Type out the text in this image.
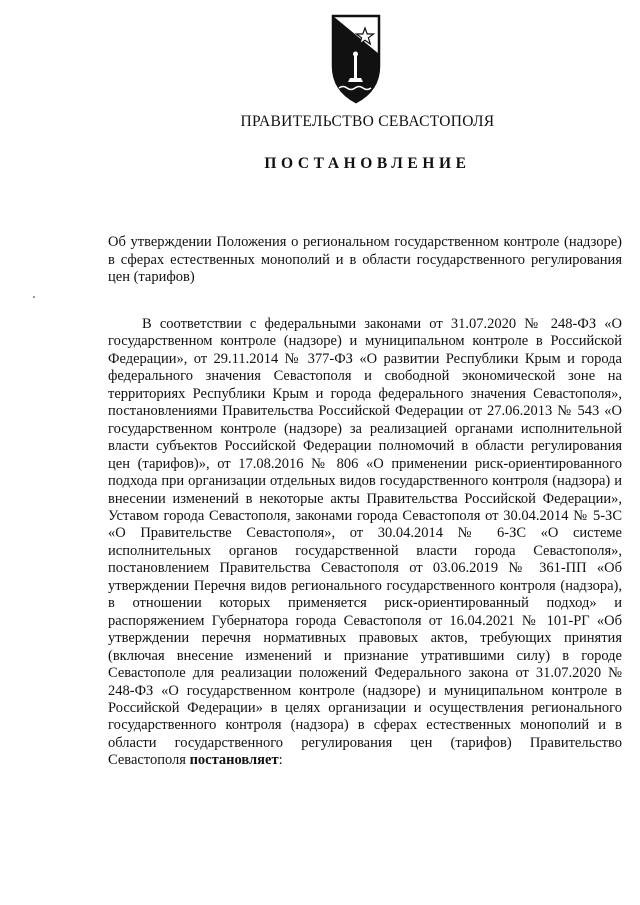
ПРАВИТЕЛЬСТВО СЕВАСТОПОЛЯ
ПОСТАНОВЛЕНИЕ
Об утверждении Положения о региональном государственном контроле (надзоре) в сферах естественных монополий и в области государственного регулирования цен (тарифов)

В соответствии с федеральными законами от 31.07.2020 № 248-ФЗ «О государственном контроле (надзоре) и муниципальном контроле в Российской Федерации», от 29.11.2014 № 377-ФЗ «О развитии Республики Крым и города федерального значения Севастополя и свободной экономической зоне на территориях Республики Крым и города федерального значения Севастополя», постановлениями Правительства Российской Федерации от 27.06.2013 № 543 «О государственном контроле (надзоре) за реализацией органами исполнительной власти субъектов Российской Федерации полномочий в области регулирования цен (тарифов)», от 17.08.2016 № 806 «О применении риск-ориентированного подхода при организации отдельных видов государственного контроля (надзора) и внесении изменений в некоторые акты Правительства Российской Федерации», Уставом города Севастополя, законами города Севастополя от 30.04.2014 № 5-ЗС «О Правительстве Севастополя», от 30.04.2014 № 6-ЗС «О системе исполнительных органов государственной власти города Севастополя», постановлением Правительства Севастополя от 03.06.2019 № 361-ПП «Об утверждении Перечня видов регионального государственного контроля (надзора), в отношении которых применяется риск-ориентированный подход» и распоряжением Губернатора города Севастополя от 16.04.2021 № 101-РГ «Об утверждении перечня нормативных правовых актов, требующих принятия (включая внесение изменений и признание утратившими силу) в городе Севастополе для реализации положений Федерального закона от 31.07.2020 № 248-ФЗ «О государственном контроле (надзоре) и муниципальном контроле в Российской Федерации» в целях организации и осуществления регионального государственного контроля (надзора) в сферах естественных монополий и в области государственного регулирования цен (тарифов) Правительство Севастополя постановляет:
